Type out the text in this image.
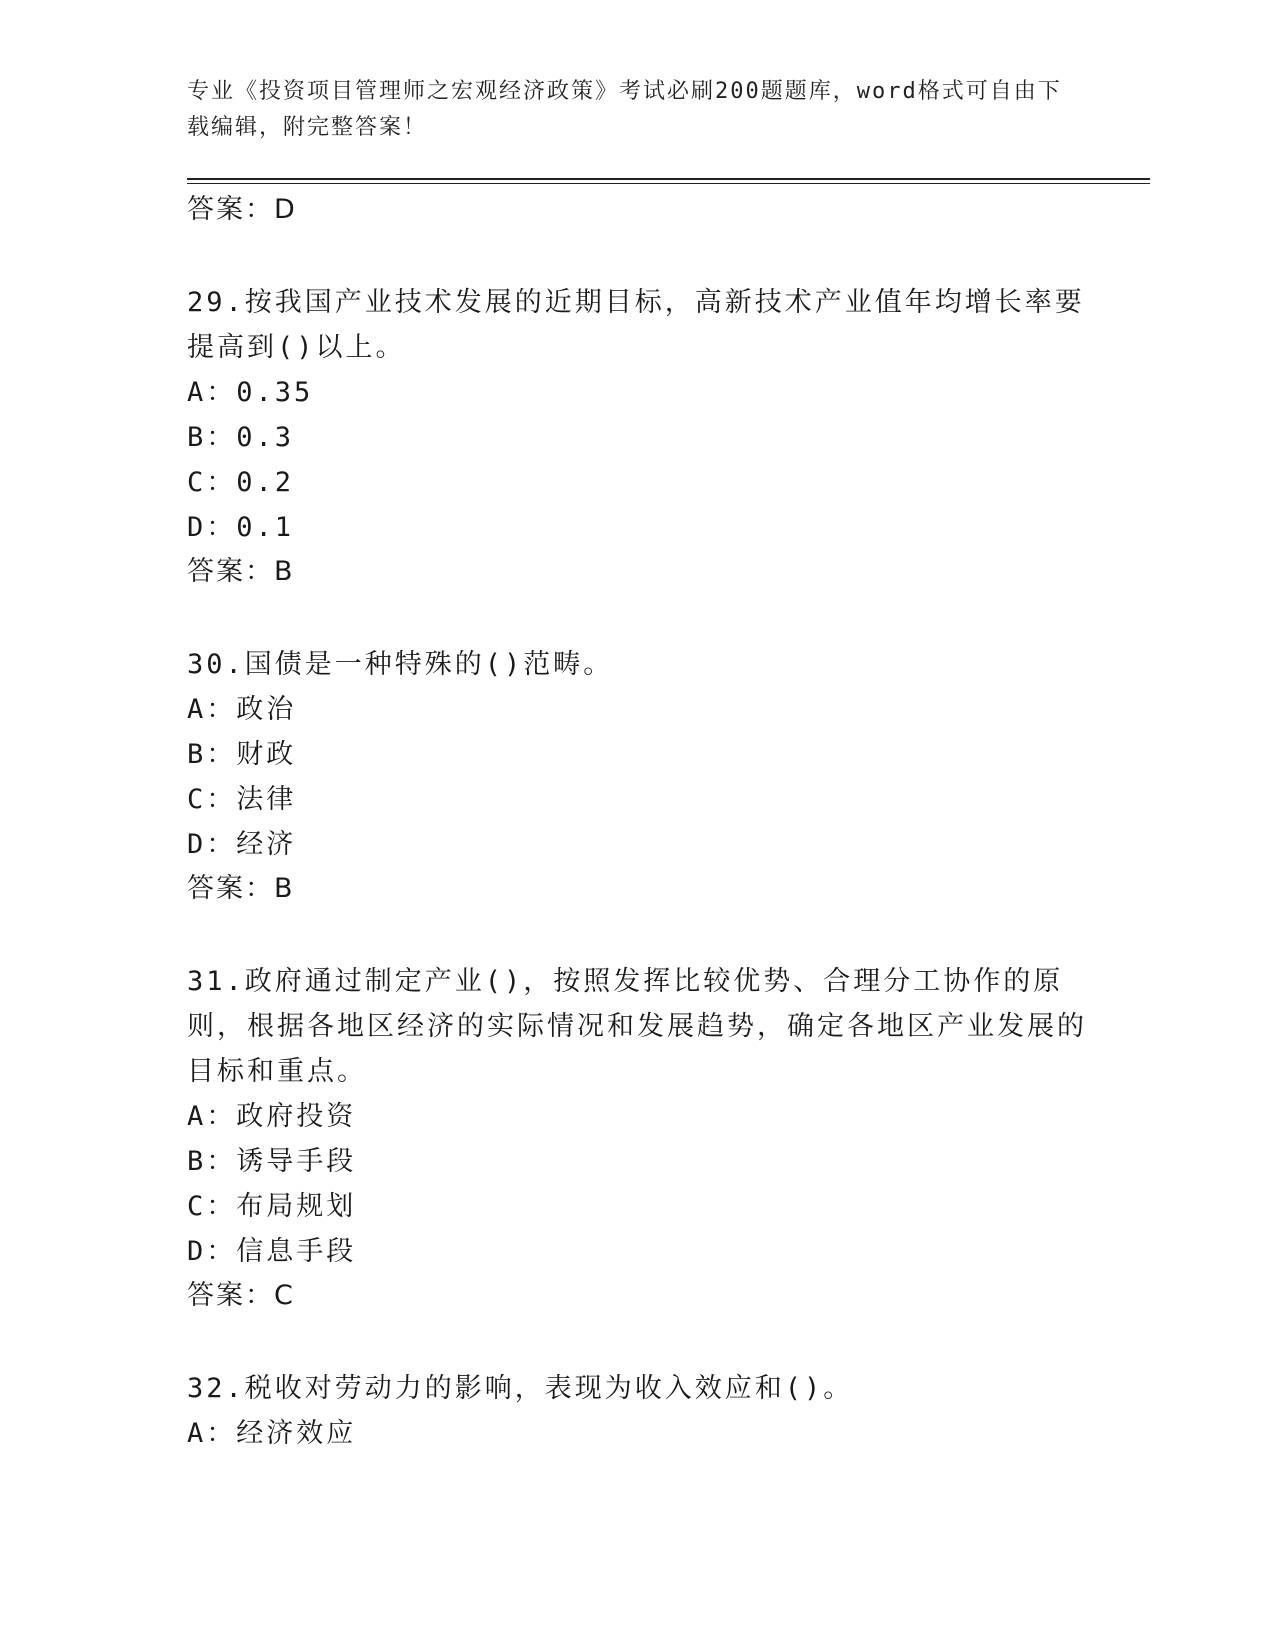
专业《投资项目管理师之宏观经济政策》考试必刷200题题库，word格式可自由下载编辑，附完整答案！
答案：D
29.按我国产业技术发展的近期目标，高新技术产业值年均增长率要提高到()以上。
A：0.35
B：0.3
C：0.2
D：0.1
答案：B
30.国债是一种特殊的()范畴。
A：政治
B：财政
C：法律
D：经济
答案：B
31.政府通过制定产业()，按照发挥比较优势、合理分工协作的原则，根据各地区经济的实际情况和发展趋势，确定各地区产业发展的目标和重点。
A：政府投资
B：诱导手段
C：布局规划
D：信息手段
答案：C
32.税收对劳动力的影响，表现为收入效应和()。
A：经济效应
